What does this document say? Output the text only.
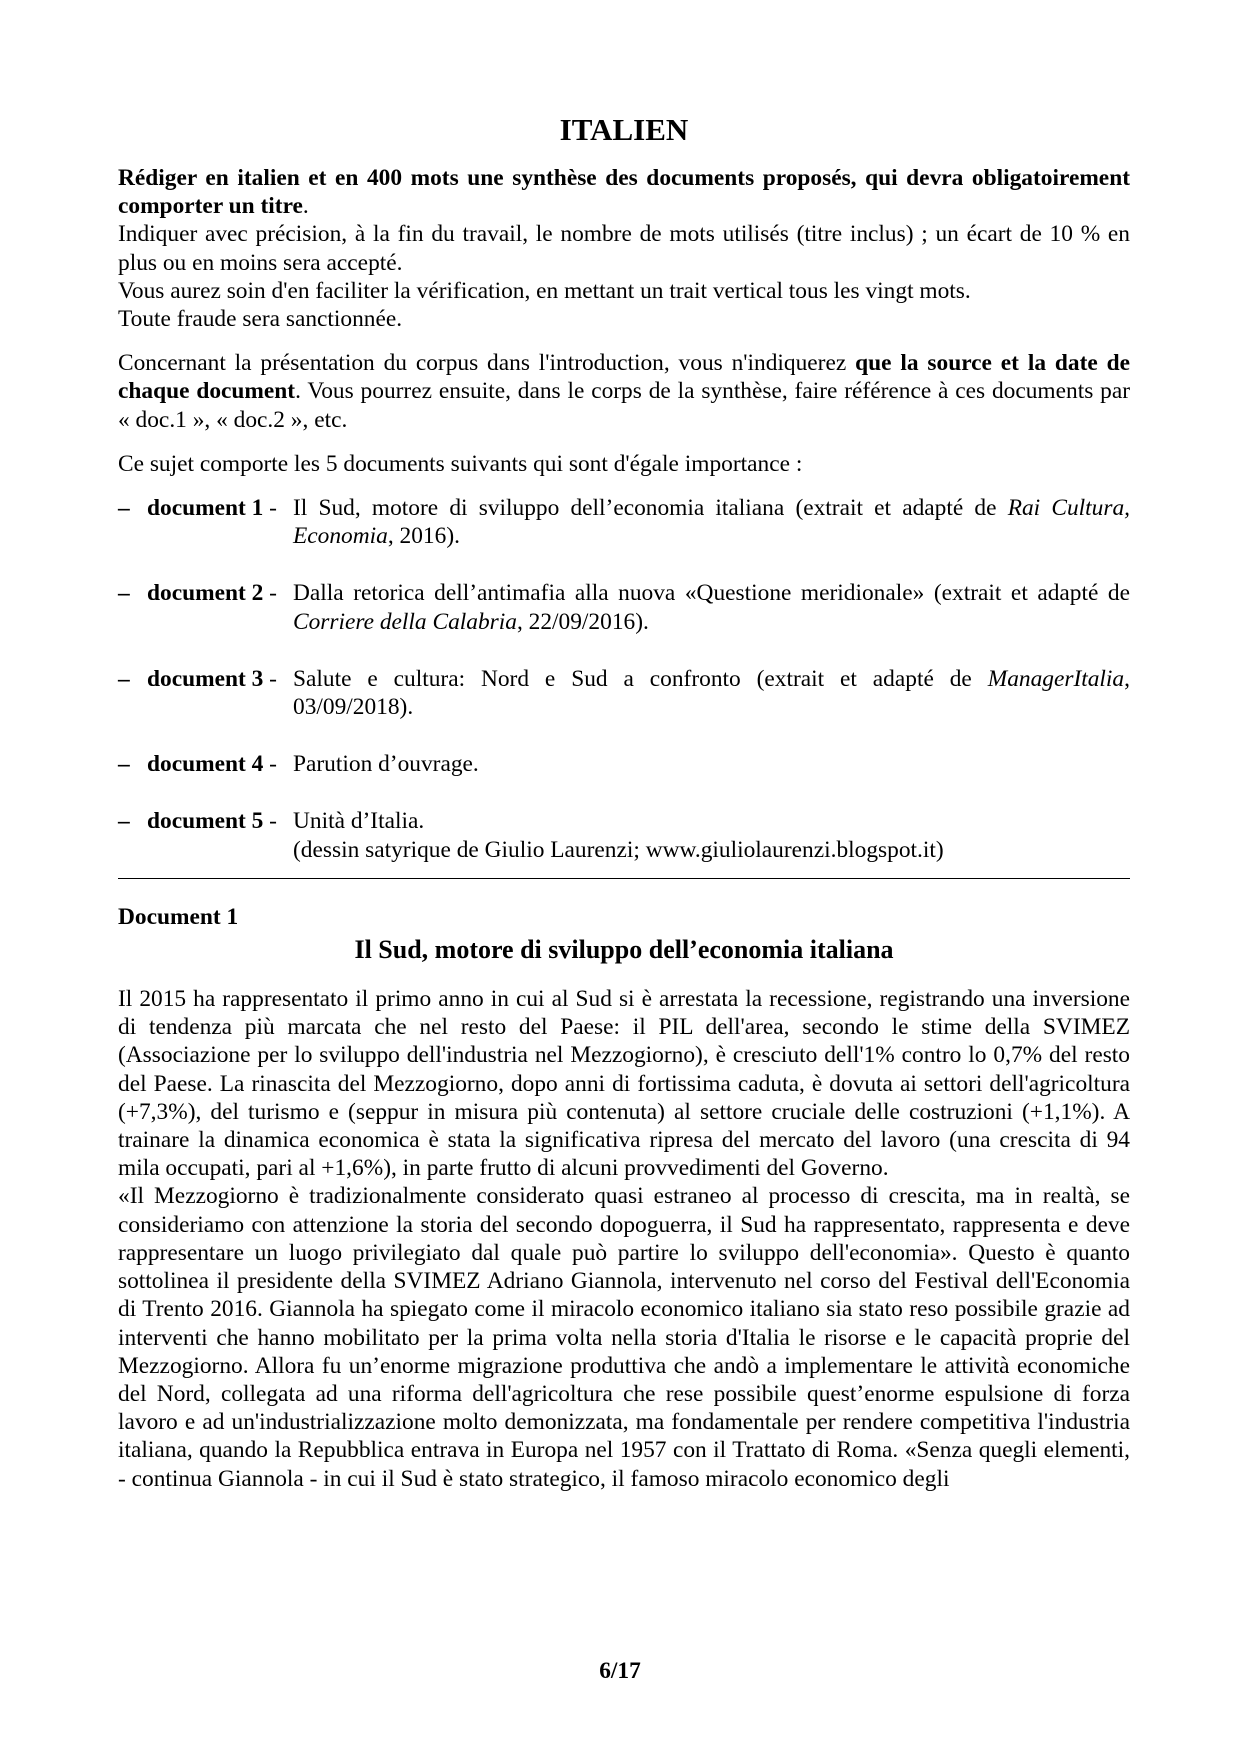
ITALIEN

Rédiger en italien et en 400 mots une synthèse des documents proposés, qui devra obligatoirement comporter un titre.

Indiquer avec précision, à la fin du travail, le nombre de mots utilisés (titre inclus) ; un écart de 10 % en plus ou en moins sera accepté.

Vous aurez soin d'en faciliter la vérification, en mettant un trait vertical tous les vingt mots.

Toute fraude sera sanctionnée.

Concernant la présentation du corpus dans l'introduction, vous n'indiquerez que la source et la date de chaque document. Vous pourrez ensuite, dans le corps de la synthèse, faire référence à ces documents par « doc.1 », « doc.2 », etc.

Ce sujet comporte les 5 documents suivants qui sont d'égale importance :

– document 1 - Il Sud, motore di sviluppo dell’economia italiana (extrait et adapté de Rai Cultura, Economia, 2016).
– document 2 - Dalla retorica dell’antimafia alla nuova «Questione meridionale» (extrait et adapté de Corriere della Calabria, 22/09/2016).
– document 3 - Salute e cultura: Nord e Sud a confronto (extrait et adapté de ManagerItalia, 03/09/2018).
– document 4 - Parution d’ouvrage.
– document 5 - Unità d’Italia.
(dessin satyrique de Giulio Laurenzi; www.giuliolaurenzi.blogspot.it)
Document 1
Il Sud, motore di sviluppo dell’economia italiana

Il 2015 ha rappresentato il primo anno in cui al Sud si è arrestata la recessione, registrando una inversione di tendenza più marcata che nel resto del Paese: il PIL dell'area, secondo le stime della SVIMEZ (Associazione per lo sviluppo dell'industria nel Mezzogiorno), è cresciuto dell'1% contro lo 0,7% del resto del Paese. La rinascita del Mezzogiorno, dopo anni di fortissima caduta, è dovuta ai settori dell'agricoltura (+7,3%), del turismo e (seppur in misura più contenuta) al settore cruciale delle costruzioni (+1,1%). A trainare la dinamica economica è stata la significativa ripresa del mercato del lavoro (una crescita di 94 mila occupati, pari al +1,6%), in parte frutto di alcuni provvedimenti del Governo.

«Il Mezzogiorno è tradizionalmente considerato quasi estraneo al processo di crescita, ma in realtà, se consideriamo con attenzione la storia del secondo dopoguerra, il Sud ha rappresentato, rappresenta e deve rappresentare un luogo privilegiato dal quale può partire lo sviluppo dell'economia». Questo è quanto sottolinea il presidente della SVIMEZ Adriano Giannola, intervenuto nel corso del Festival dell'Economia di Trento 2016. Giannola ha spiegato come il miracolo economico italiano sia stato reso possibile grazie ad interventi che hanno mobilitato per la prima volta nella storia d'Italia le risorse e le capacità proprie del Mezzogiorno. Allora fu un’enorme migrazione produttiva che andò a implementare le attività economiche del Nord, collegata ad una riforma dell'agricoltura che rese possibile quest’enorme espulsione di forza lavoro e ad un'industrializzazione molto demonizzata, ma fondamentale per rendere competitiva l'industria italiana, quando la Repubblica entrava in Europa nel 1957 con il Trattato di Roma. «Senza quegli elementi, - continua Giannola - in cui il Sud è stato strategico, il famoso miracolo economico degli

6/17
